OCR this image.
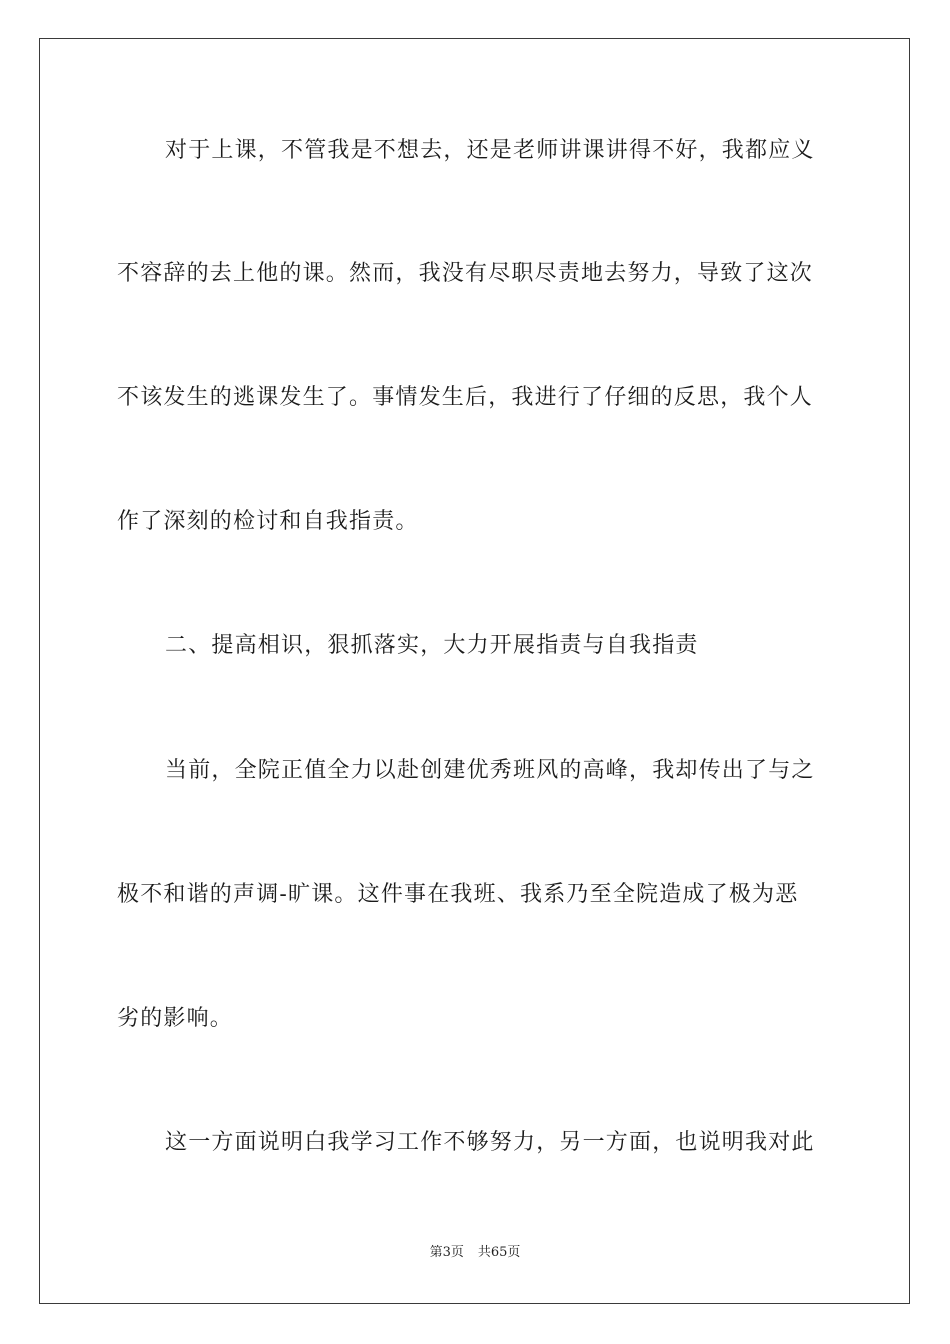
对于上课，不管我是不想去，还是老师讲课讲得不好，我都应义
不容辞的去上他的课。然而，我没有尽职尽责地去努力，导致了这次
不该发生的逃课发生了。事情发生后，我进行了仔细的反思，我个人
作了深刻的检讨和自我指责。
二、提高相识，狠抓落实，大力开展指责与自我指责
当前，全院正值全力以赴创建优秀班风的高峰，我却传出了与之
极不和谐的声调-旷课。这件事在我班、我系乃至全院造成了极为恶
劣的影响。
这一方面说明白我学习工作不够努力，另一方面，也说明我对此
第3页 共65页
